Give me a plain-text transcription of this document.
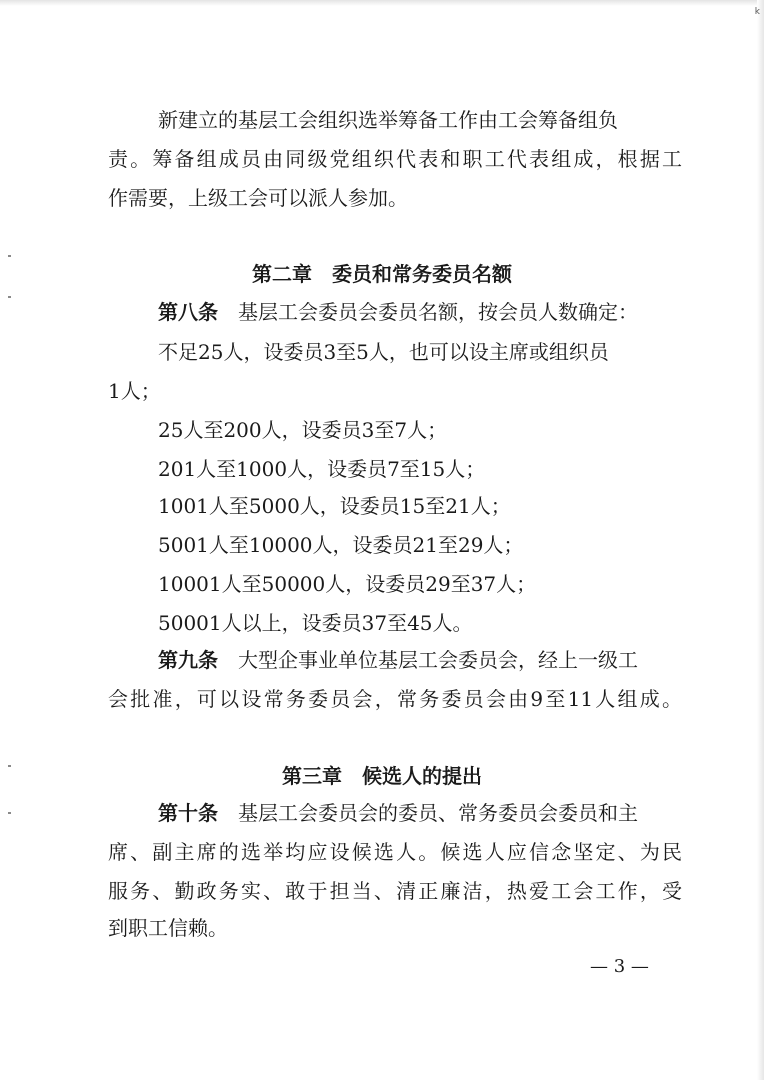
k
新建立的基层工会组织选举筹备工作由工会筹备组负
责。筹备组成员由同级党组织代表和职工代表组成，根据工
作需要，上级工会可以派人参加。
第二章　委员和常务委员名额
第八条　基层工会委员会委员名额，按会员人数确定：
不足25人，设委员3至5人，也可以设主席或组织员
1人；
25人至200人，设委员3至7人；
201人至1000人，设委员7至15人；
1001人至5000人，设委员15至21人；
5001人至10000人，设委员21至29人；
10001人至50000人，设委员29至37人；
50001人以上，设委员37至45人。
第九条　大型企事业单位基层工会委员会，经上一级工
会批准，可以设常务委员会，常务委员会由9至11人组成。
第三章　候选人的提出
第十条　基层工会委员会的委员、常务委员会委员和主
席、副主席的选举均应设候选人。候选人应信念坚定、为民
服务、勤政务实、敢于担当、清正廉洁，热爱工会工作，受
到职工信赖。
— 3 —
